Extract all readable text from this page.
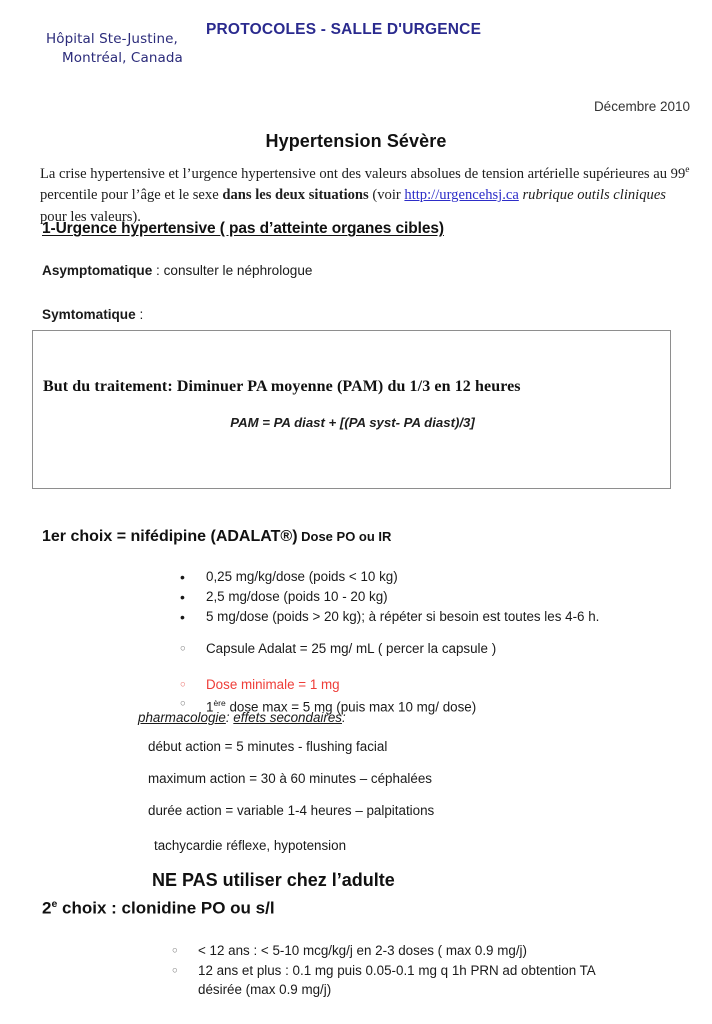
Hôpital Ste-Justine,
Montréal, Canada
PROTOCOLES - SALLE D'URGENCE
Décembre 2010
Hypertension Sévère
La crise hypertensive et l’urgence hypertensive ont des valeurs absolues de tension artérielle supérieures au 99e percentile pour l’âge et le sexe dans les deux situations (voir http://urgencehsj.ca rubrique outils cliniques pour les valeurs).
1-Urgence hypertensive ( pas d’atteinte organes cibles)
Asymptomatique : consulter le néphrologue
Symtomatique :
But du traitement: Diminuer PA moyenne (PAM) du 1/3 en 12 heures
PAM = PA diast + [(PA syst- PA diast)/3]
1er choix = nifédipine (ADALAT®) Dose PO ou IR
•
0,25 mg/kg/dose (poids < 10 kg)
•
2,5 mg/dose (poids 10 - 20 kg)
•
5 mg/dose (poids > 20 kg); à répéter si besoin est toutes les 4-6 h.
○
Capsule Adalat = 25 mg/ mL ( percer la capsule )
○
Dose minimale = 1 mg
○
1ère dose max = 5 mg (puis max 10 mg/ dose)
pharmacologie: effets secondaires:
début action = 5 minutes - flushing facial
maximum action = 30 à 60 minutes – céphalées
durée action = variable 1-4 heures – palpitations
tachycardie réflexe, hypotension
NE PAS utiliser chez l’adulte
2e choix : clonidine PO ou s/l
○
< 12 ans : < 5-10 mcg/kg/j en 2-3 doses ( max 0.9 mg/j)
○
12 ans et plus : 0.1 mg puis 0.05-0.1 mg q 1h PRN ad obtention TA
désirée (max 0.9 mg/j)
